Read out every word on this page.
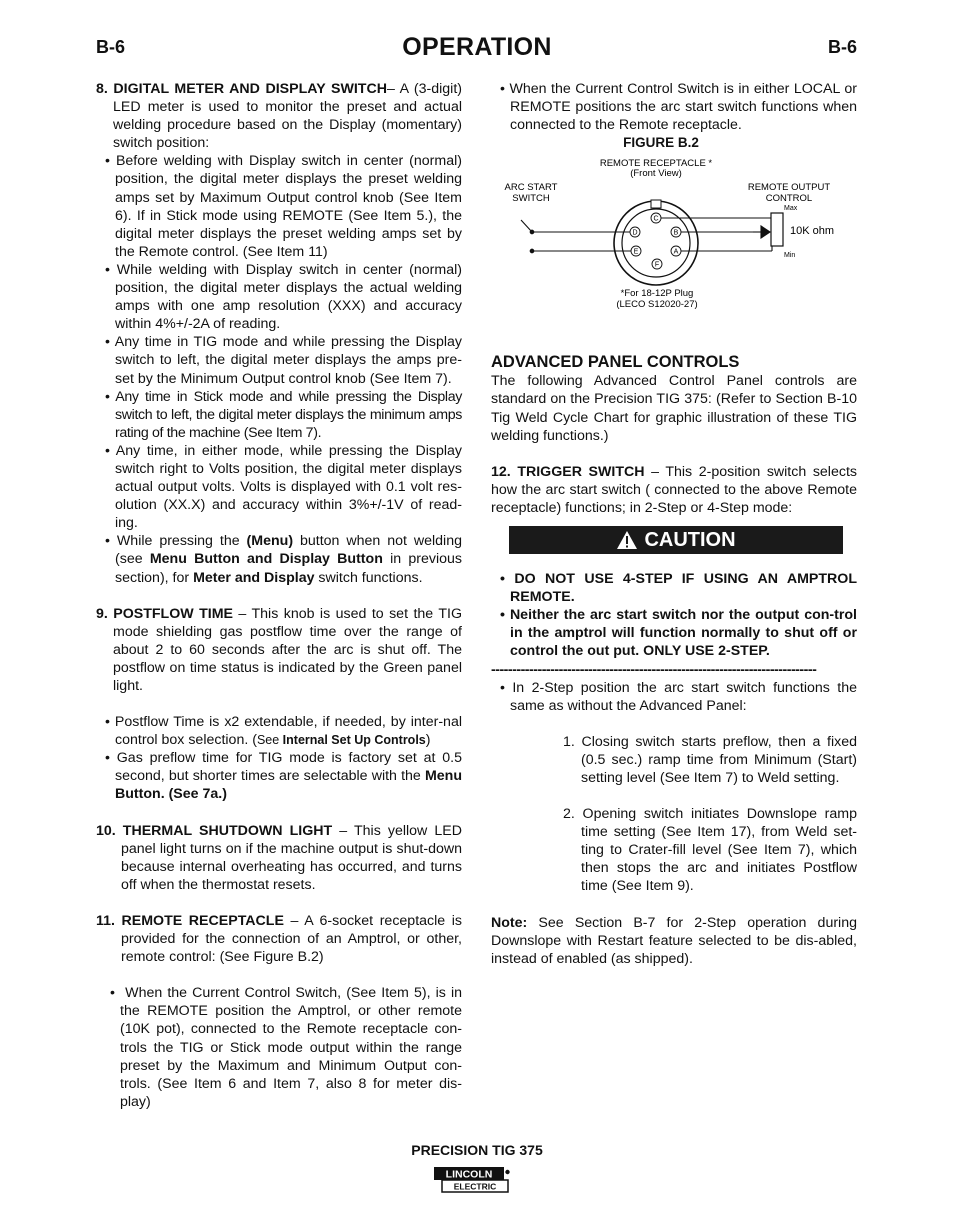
B-6	OPERATION	B-6

8. DIGITAL METER AND DISPLAY SWITCH– A (3-digit) LED meter is used to monitor the preset and actual welding procedure based on the Display (momentary) switch position:

• Before welding with Display switch in center (normal) position, the digital meter displays the preset welding amps set by Maximum Output control knob (See Item 6). If in Stick mode using REMOTE (See Item 5.), the digital meter displays the preset welding amps set by the Remote control. (See Item 11)

• While welding with Display switch in center (normal) position, the digital meter displays the actual welding amps with one amp resolution (XXX) and accuracy within 4%+/-2A of reading.

• Any time in TIG mode and while pressing the Display switch to left, the digital meter displays the amps pre-set by the Minimum Output control knob (See Item 7).

• Any time in Stick mode and while pressing the Display switch to left, the digital meter displays the minimum amps rating of the machine (See Item 7).

• Any time, in either mode, while pressing the Display switch right to Volts position, the digital meter displays actual output volts. Volts is displayed with 0.1 volt res-olution (XX.X) and accuracy within 3%+/-1V of read-ing.

• While pressing the (Menu) button when not welding (see Menu Button and Display Button in previous section), for Meter and Display switch functions.

9. POSTFLOW TIME – This knob is used to set the TIG mode shielding gas postflow time over the range of about 2 to 60 seconds after the arc is shut off. The postflow on time status is indicated by the Green panel light.

• Postflow Time is x2 extendable, if needed, by inter-nal control box selection. (See Internal Set Up Controls)

• Gas preflow time for TIG mode is factory set at 0.5 second, but shorter times are selectable with the Menu Button. (See 7a.)

10. THERMAL SHUTDOWN LIGHT – This yellow LED panel light turns on if the machine output is shut-down because internal overheating has occurred, and turns off when the thermostat resets.

11. REMOTE RECEPTACLE – A 6-socket receptacle is provided for the connection of an Amptrol, or other, remote control: (See Figure B.2)

•  When the Current Control Switch, (See Item 5), is in the REMOTE position the Amptrol, or other remote (10K pot), connected to the Remote receptacle con-trols the TIG or Stick mode output within the range preset by the Maximum and Minimum Output con-trols. (See Item 6 and Item 7, also 8 for meter dis-play)

• When the Current Control Switch is in either LOCAL or REMOTE positions the arc start switch functions when connected to the Remote receptacle.

FIGURE B.2
REMOTE RECEPTACLE *
(Front View)
ARC START
SWITCH
REMOTE OUTPUT
CONTROL
C
D	B
E	A
F
Max
Min
10K ohm
*For 18-12P Plug
(LECO S12020-27)
ADVANCED PANEL CONTROLS

The following Advanced Control Panel controls are standard on the Precision TIG 375: (Refer to Section B-10 Tig Weld Cycle Chart for graphic illustration of these TIG welding functions.)

12. TRIGGER SWITCH – This 2-position switch selects how the arc start switch ( connected to the above Remote receptacle) functions; in 2-Step or 4-Step mode:

CAUTION

• DO NOT USE 4-STEP IF USING AN AMPTROL REMOTE.

• Neither the arc start switch nor the output con-trol in the amptrol will function normally to shut off or control the out put. ONLY USE 2-STEP.

-----------------------------------------------------------------------------

• In 2-Step position the arc start switch functions the same as without the Advanced Panel:

1. Closing switch starts preflow, then a fixed (0.5 sec.) ramp time from Minimum (Start) setting level (See Item 7) to Weld setting.

2. Opening switch initiates Downslope ramp time setting (See Item 17), from Weld set-ting to Crater-fill level (See Item 7), which then stops the arc and initiates Postflow time (See Item 9).

Note: See Section B-7 for 2-Step operation during Downslope with Restart feature selected to be dis-abled, instead of enabled (as shipped).

PRECISION TIG 375
LINCOLN
ELECTRIC
